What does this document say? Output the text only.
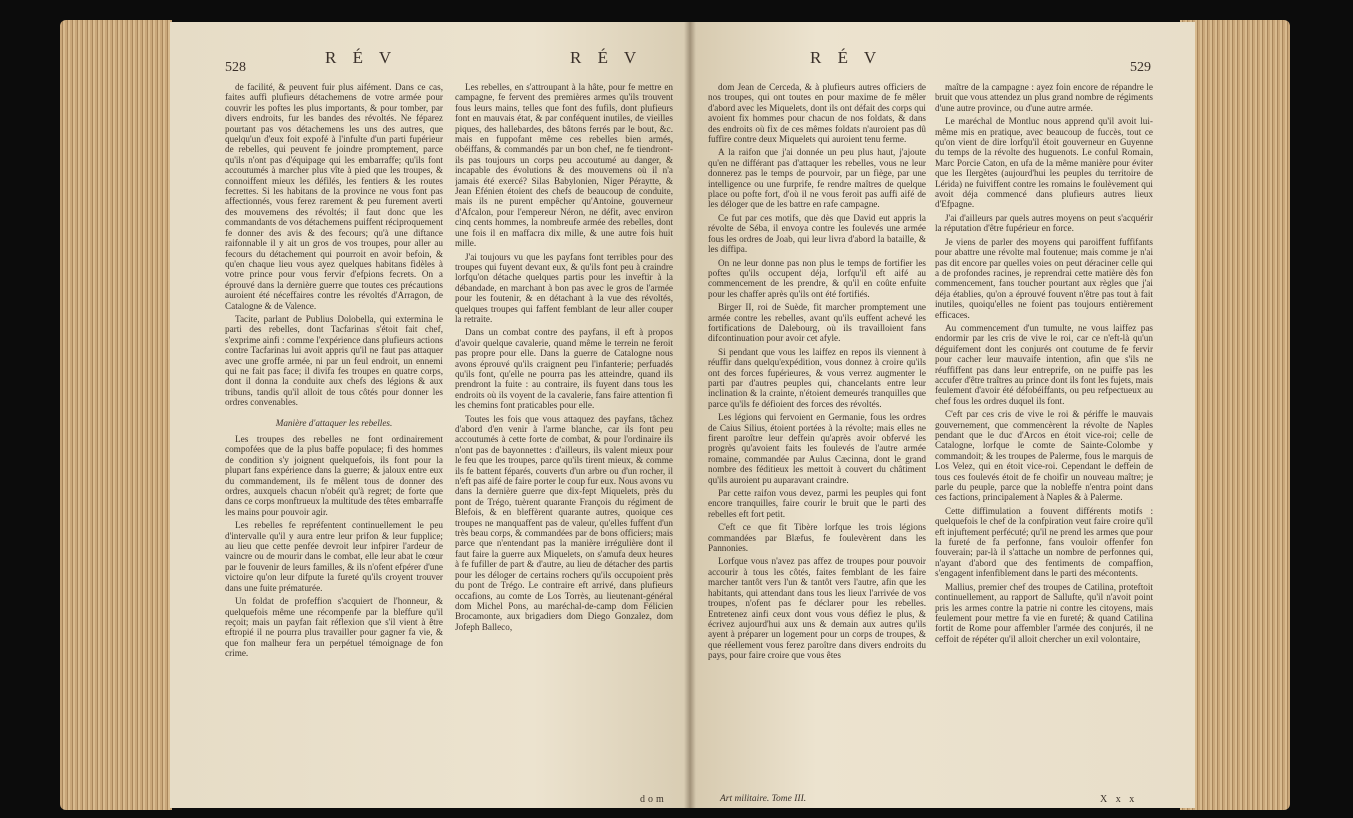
528
R É V	R É V

de facilité, & peuvent fuir plus aifément. Dans ce cas, faites auffi plufieurs détachemens de votre armée pour couvrir les poftes les plus importants, & pour tomber, par divers endroits, fur les bandes des révoltés. Ne féparez pourtant pas vos détachemens les uns des autres, que quelqu'un d'eux foit expofé à l'infulte d'un parti fupérieur de rebelles, qui peuvent fe joindre promptement, parce qu'ils n'ont pas d'équipage qui les embarraffe; qu'ils font accoutumés à marcher plus vîte à pied que les troupes, & connoiffent mieux les défilés, les fentiers & les routes fecrettes. Si les habitans de la province ne vous font pas affectionnés, vous ferez rarement & peu furement averti des mouvemens des révoltés; il faut donc que les commandants de vos détachemens puiffent réciproquement fe donner des avis & des fecours; qu'à une diftance raifonnable il y ait un gros de vos troupes, pour aller au fecours du détachement qui pourroit en avoir befoin, & qu'en chaque lieu vous ayez quelques habitans fidèles à votre prince pour vous fervir d'efpions fecrets. On a éprouvé dans la dernière guerre que toutes ces précautions auroient été néceffaires contre les révoltés d'Arragon, de Catalogne & de Valence.

Tacite, parlant de Publius Dolobella, qui extermina le parti des rebelles, dont Tacfarinas s'étoit fait chef, s'exprime ainfi : comme l'expérience dans plufieurs actions contre Tacfarinas lui avoit appris qu'il ne faut pas attaquer avec une groffe armée, ni par un feul endroit, un ennemi qui ne fait pas face; il divifa fes troupes en quatre corps, dont il donna la conduite aux chefs des légions & aux tribuns, tandis qu'il alloit de tous côtés pour donner les ordres convenables.

Manière d'attaquer les rebelles.

Les troupes des rebelles ne font ordinairement compofées que de la plus baffe populace; fi des hommes de condition s'y joignent quelquefois, ils font pour la plupart fans expérience dans la guerre; & jaloux entre eux du commandement, ils fe mêlent tous de donner des ordres, auxquels chacun n'obéit qu'à regret; de forte que dans ce corps monftrueux la multitude des têtes embarraffe les mains pour pouvoir agir.

Les rebelles fe repréfentent continuellement le peu d'intervalle qu'il y aura entre leur prifon & leur fupplice; au lieu que cette penfée devroit leur infpirer l'ardeur de vaincre ou de mourir dans le combat, elle leur abat le cœur par le fouvenir de leurs familles, & ils n'ofent efpérer d'une victoire qu'on leur difpute la fureté qu'ils croyent trouver dans une fuite prématurée.

Un foldat de profeffion s'acquiert de l'honneur, & quelquefois même une récompenfe par la bleffure qu'il reçoit; mais un payfan fait réflexion que s'il vient à être eftropié il ne pourra plus travailler pour gagner fa vie, & que fon malheur fera un perpétuel témoignage de fon crime.

Les rebelles, en s'attroupant à la hâte, pour fe mettre en campagne, fe fervent des premières armes qu'ils trouvent fous leurs mains, telles que font des fufils, dont plufieurs font en mauvais état, & par conféquent inutiles, de vieilles piques, des hallebardes, des bâtons ferrés par le bout, &c. mais en fuppofant même ces rebelles bien armés, obéiffans, & commandés par un bon chef, ne fe tiendront-ils pas toujours un corps peu accoutumé au danger, & incapable des évolutions & des mouvemens où il n'a jamais été exercé? Silas Babylonien, Niger Péraytte, & Jean Efénien étoient des chefs de beaucoup de conduite, mais ils ne purent empêcher qu'Antoine, gouverneur d'Afcalon, pour l'empereur Néron, ne défit, avec environ cinq cents hommes, la nombreufe armée des rebelles, dont une fois il en maffacra dix mille, & une autre fois huit mille.

J'ai toujours vu que les payfans font terribles pour des troupes qui fuyent devant eux, & qu'ils font peu à craindre lorfqu'on détache quelques partis pour les inveftir à la débandade, en marchant à bon pas avec le gros de l'armée pour les foutenir, & en détachant à la vue des révoltés, quelques troupes qui faffent femblant de leur aller couper la retraite.

Dans un combat contre des payfans, il eft à propos d'avoir quelque cavalerie, quand même le terrein ne feroit pas propre pour elle. Dans la guerre de Catalogne nous avons éprouvé qu'ils craignent peu l'infanterie; perfuadés qu'ils font, qu'elle ne pourra pas les atteindre, quand ils prendront la fuite : au contraire, ils fuyent dans tous les endroits où ils voyent de la cavalerie, fans faire attention fi les chemins font praticables pour elle.

Toutes les fois que vous attaquez des payfans, tâchez d'abord d'en venir à l'arme blanche, car ils font peu accoutumés à cette forte de combat, & pour l'ordinaire ils n'ont pas de bayonnettes : d'ailleurs, ils valent mieux pour le feu que les troupes, parce qu'ils tirent mieux, & comme ils fe battent féparés, couverts d'un arbre ou d'un rocher, il n'eft pas aifé de faire porter le coup fur eux. Nous avons vu dans la dernière guerre que dix-fept Miquelets, près du pont de Trégo, tuèrent quarante François du régiment de Blefois, & en bleffèrent quarante autres, quoique ces troupes ne manquaffent pas de valeur, qu'elles fuffent d'un très beau corps, & commandées par de bons officiers; mais parce que n'entendant pas la manière irrégulière dont il faut faire la guerre aux Miquelets, on s'amufa deux heures à fe fufiller de part & d'autre, au lieu de détacher des partis pour les déloger de certains rochers qu'ils occupoient près du pont de Trégo. Le contraire eft arrivé, dans plufieurs occafions, au comte de Los Torrès, au lieutenant-général dom Michel Pons, au maréchal-de-camp dom Félicien Brocamonte, aux brigadiers dom Diego Gonzalez, dom Jofeph Balleco,

dom
R É V
529

dom Jean de Cerceda, & à plufieurs autres officiers de nos troupes, qui ont toutes en pour maxime de fe mêler d'abord avec les Miquelets, dont ils ont défait des corps qui avoient fix hommes pour chacun de nos foldats, & dans des endroits où fix de ces mêmes foldats n'auroient pas dû fuffire contre deux Miquelets qui auroient tenu ferme.

A la raifon que j'ai donnée un peu plus haut, j'ajoute qu'en ne différant pas d'attaquer les rebelles, vous ne leur donnerez pas le temps de pourvoir, par un fiège, par une intelligence ou une furprife, fe rendre maîtres de quelque place ou pofte fort, d'où il ne vous feroit pas auffi aifé de les déloger que de les battre en rafe campagne.

Ce fut par ces motifs, que dès que David eut appris la révolte de Séba, il envoya contre les foulevés une armée fous les ordres de Joab, qui leur livra d'abord la bataille, & les diffipa.

On ne leur donne pas non plus le temps de fortifier les poftes qu'ils occupent déja, lorfqu'il eft aifé au commencement de les prendre, & qu'il en coûte enfuite pour les chaffer après qu'ils ont été fortifiés.

Birger II, roi de Suède, fit marcher promptement une armée contre les rebelles, avant qu'ils euffent achevé les fortifications de Dalebourg, où ils travailloient fans difcontinuation pour avoir cet afyle.

Si pendant que vous les laiffez en repos ils viennent à réuffir dans quelqu'expédition, vous donnez à croire qu'ils ont des forces fupérieures, & vous verrez augmenter le parti par d'autres peuples qui, chancelants entre leur inclination & la crainte, n'étoient demeurés tranquilles que parce qu'ils fe défioient des forces des révoltés.

Les légions qui fervoient en Germanie, fous les ordres de Caius Silius, étoient portées à la révolte; mais elles ne firent paroître leur deffein qu'après avoir obfervé les progrès qu'avoient faits les foulevés de l'autre armée romaine, commandée par Aulus Cæcinna, dont le grand nombre des féditieux les mettoit à couvert du châtiment qu'ils auroient pu auparavant craindre.

Par cette raifon vous devez, parmi les peuples qui font encore tranquilles, faire courir le bruit que le parti des rebelles eft fort petit.

C'eft ce que fit Tibère lorfque les trois légions commandées par Blæfus, fe foulevèrent dans les Pannonies.

Lorfque vous n'avez pas affez de troupes pour pouvoir accourir à tous les côtés, faites femblant de les faire marcher tantôt vers l'un & tantôt vers l'autre, afin que les habitants, qui attendant dans tous les lieux l'arrivée de vos troupes, n'ofent pas fe déclarer pour les rebelles. Entretenez ainfi ceux dont vous vous défiez le plus, & écrivez aujourd'hui aux uns & demain aux autres qu'ils ayent à préparer un logement pour un corps de troupes, & que réellement vous ferez paroître dans divers endroits du pays, pour faire croire que vous êtes

Art militaire. Tome III.

maître de la campagne : ayez foin encore de répandre le bruit que vous attendez un plus grand nombre de régiments d'une autre province, ou d'une autre armée.

Le maréchal de Montluc nous apprend qu'il avoit lui-même mis en pratique, avec beaucoup de fuccès, tout ce qu'on vient de dire lorfqu'il étoit gouverneur en Guyenne du temps de la révolte des huguenots. Le conful Romain, Marc Porcie Caton, en ufa de la même manière pour éviter que les Ilergètes (aujourd'hui les peuples du territoire de Lérida) ne fuiviffent contre les romains le foulèvement qui avoit déja commencé dans plufieurs autres lieux d'Efpagne.

J'ai d'ailleurs par quels autres moyens on peut s'acquérir la réputation d'être fupérieur en force.

Je viens de parler des moyens qui paroiffent fuffifants pour abattre une révolte mal foutenue; mais comme je n'ai pas dit encore par quelles voies on peut déraciner celle qui a de profondes racines, je reprendrai cette matière dès fon commencement, fans toucher pourtant aux règles que j'ai déja établies, qu'on a éprouvé fouvent n'être pas tout à fait inutiles, quoiqu'elles ne foient pas toujours entièrement efficaces.

Au commencement d'un tumulte, ne vous laiffez pas endormir par les cris de vive le roi, car ce n'eft-là qu'un déguifement dont les conjurés ont coutume de fe fervir pour cacher leur mauvaife intention, afin que s'ils ne réuffiffent pas dans leur entreprife, on ne puiffe pas les accufer d'être traîtres au prince dont ils font les fujets, mais feulement d'avoir été défobéiffants, ou peu refpectueux au chef fous les ordres duquel ils font.

C'eft par ces cris de vive le roi & périffe le mauvais gouvernement, que commencèrent la révolte de Naples pendant que le duc d'Arcos en étoit vice-roi; celle de Catalogne, lorfque le comte de Sainte-Colombe y commandoit; & les troupes de Palerme, fous le marquis de Los Velez, qui en étoit vice-roi. Cependant le deffein de tous ces foulevés étoit de fe choifir un nouveau maître; je parle du peuple, parce que la nobleffe n'entra point dans ces factions, principalement à Naples & à Palerme.

Cette diffimulation a fouvent différents motifs : quelquefois le chef de la confpiration veut faire croire qu'il eft injuftement perfécuté; qu'il ne prend les armes que pour la fureté de fa perfonne, fans vouloir offenfer fon fouverain; par-là il s'attache un nombre de perfonnes qui, n'ayant d'abord que des fentiments de compaffion, s'engagent infenfiblement dans le parti des mécontents.

Mallius, premier chef des troupes de Catilina, proteftoit continuellement, au rapport de Sallufte, qu'il n'avoit point pris les armes contre la patrie ni contre les citoyens, mais feulement pour mettre fa vie en fureté; & quand Catilina fortit de Rome pour affembler l'armée des conjurés, il ne ceffoit de répéter qu'il alloit chercher un exil volontaire,

X x x
